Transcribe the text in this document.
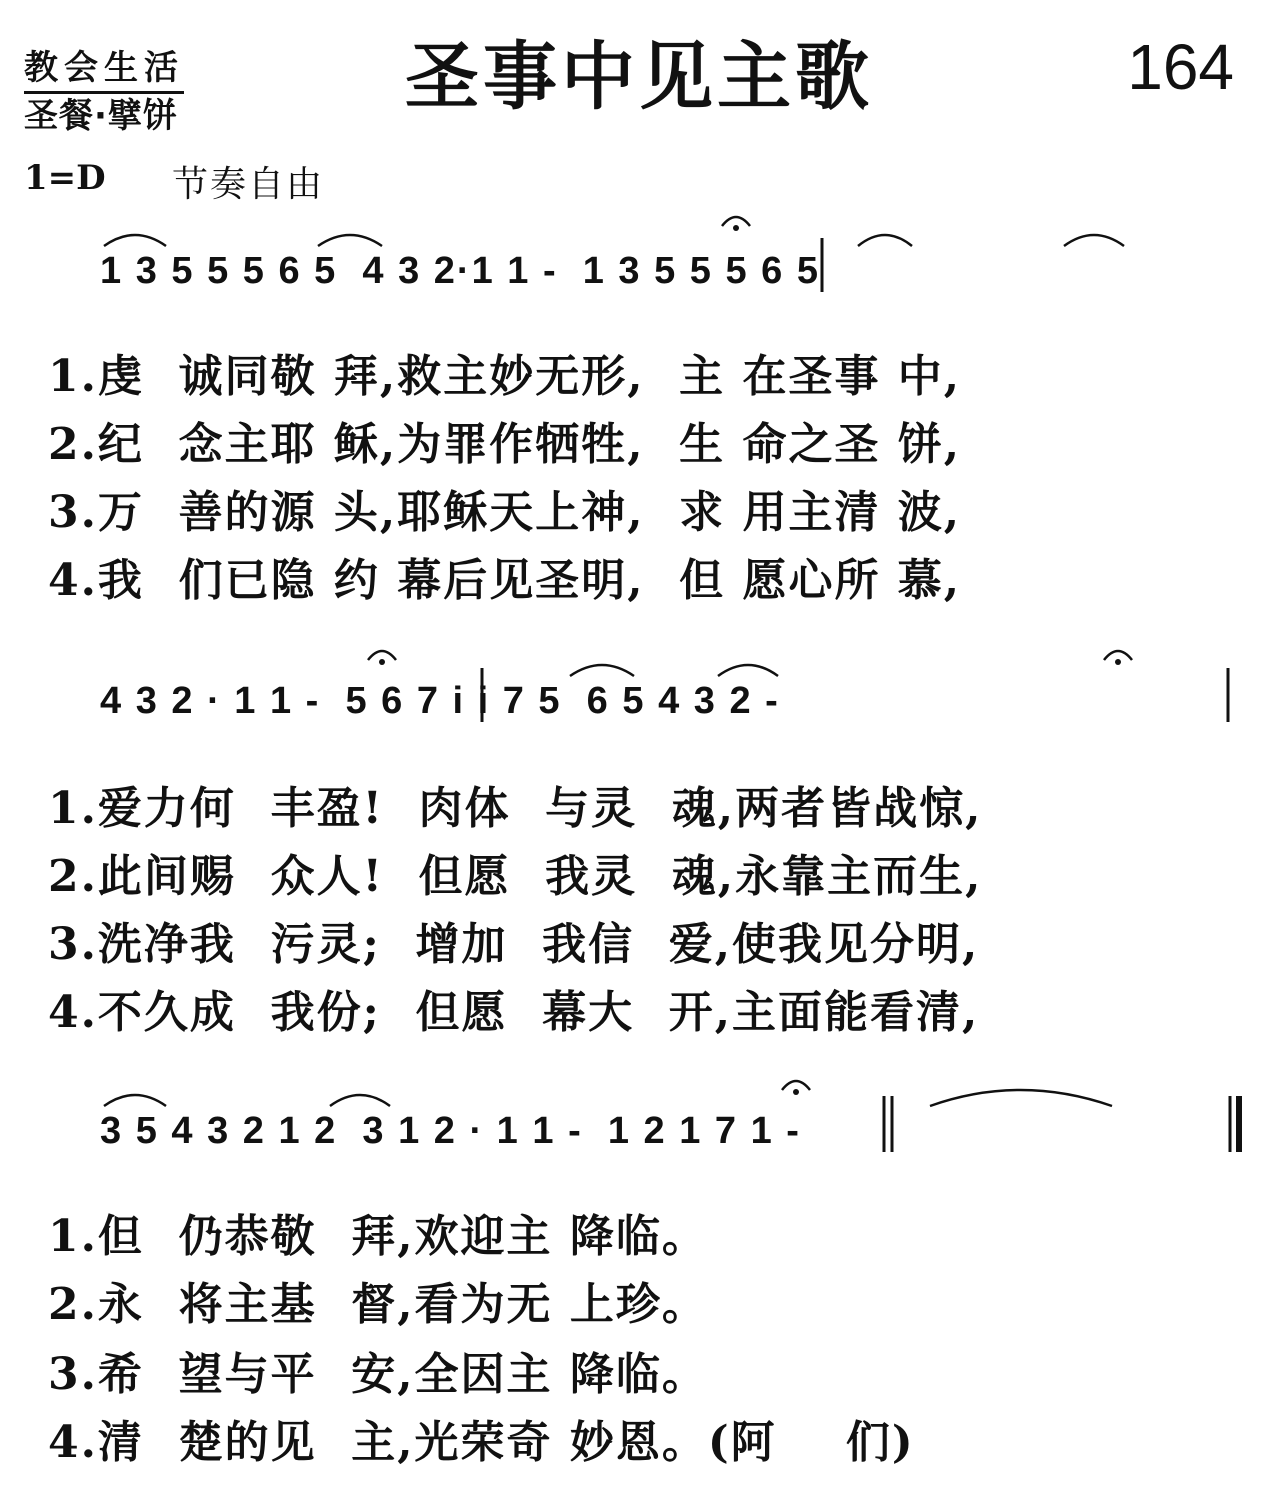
教会生活
圣餐·擘饼	圣事中见主歌	164
1=D 节奏自由
1 3 5 5 5 6 5  4 3 2·1 1 -  1 3 5 5 5 6 5
1.虔  诚同敬 拜,救主妙无形,  主 在圣事 中,
2.纪  念主耶 稣,为罪作牺牲,  生 命之圣 饼,
3.万  善的源 头,耶稣天上神,  求 用主清 波,
4.我  们已隐 约 幕后见圣明,  但 愿心所 慕,
4 3 2 · 1 1 -  5 6 7 i i 7 5  6 5 4 3 2 -
1.爱力何  丰盈!  肉体  与灵  魂,两者皆战惊,
2.此间赐  众人!  但愿  我灵  魂,永靠主而生,
3.洗净我  污灵;  增加  我信  爱,使我见分明,
4.不久成  我份;  但愿  幕大  开,主面能看清,
3 5 4 3 2 1 2  3 1 2 · 1 1 -  1 2 1 7 1 -
1.但  仍恭敬  拜,欢迎主 降临。
2.永  将主基  督,看为无 上珍。
3.希  望与平  安,全因主 降临。
4.清  楚的见  主,光荣奇 妙恩。(阿    们)
